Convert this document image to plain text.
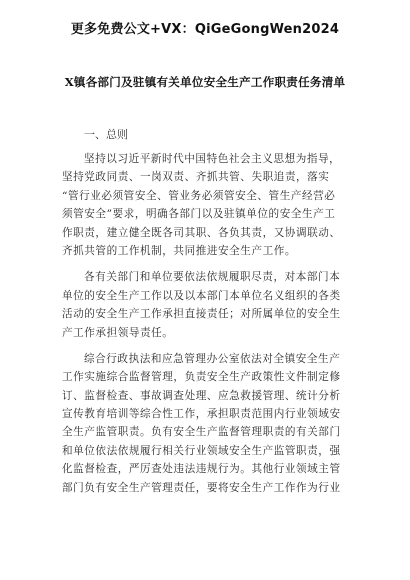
更多免费公文+VX：QiGeGongWen2024
X镇各部门及驻镇有关单位安全生产工作职责任务清单
一、总则
坚持以习近平新时代中国特色社会主义思想为指导，
坚持党政同责、一岗双责、齐抓共管、失职追责，落实
“管行业必须管安全、管业务必须管安全、管生产经营必
须管安全”要求，明确各部门以及驻镇单位的安全生产工
作职责，建立健全既各司其职、各负其责，又协调联动、
齐抓共管的工作机制，共同推进安全生产工作。
各有关部门和单位要依法依规履职尽责，对本部门本
单位的安全生产工作以及以本部门本单位名义组织的各类
活动的安全生产工作承担直接责任；对所属单位的安全生
产工作承担领导责任。
综合行政执法和应急管理办公室依法对全镇安全生产
工作实施综合监督管理，负责安全生产政策性文件制定修
订、监督检查、事故调查处理、应急救援管理、统计分析
宣传教育培训等综合性工作，承担职责范围内行业领域安
全生产监管职责。负有安全生产监督管理职责的有关部门
和单位依法依规履行相关行业领域安全生产监管职责，强
化监督检查，严厉查处违法违规行为。其他行业领域主管
部门负有安全生产管理责任，要将安全生产工作作为行业
